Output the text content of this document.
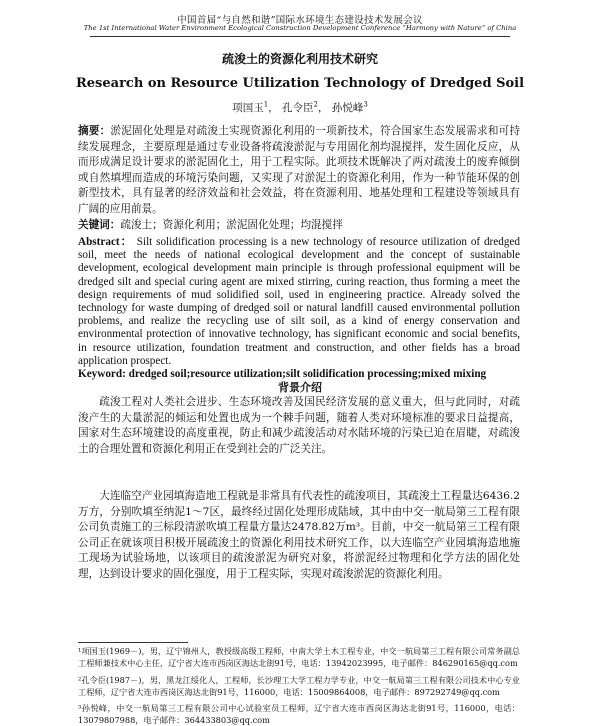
中国首届“与自然和谐”国际水环境生态建设技术发展会议
The 1st International Water Environment Ecological Construction Development Conference “Harmony with Nature” of China
疏浚土的资源化利用技术研究
Research on Resource Utilization Technology of Dredged Soil
项国玉$^1$， 孔令臣$^2$， 孙悦峰$^3$
摘要：淤泥固化处理是对疏浚土实现资源化利用的一项新技术，符合国家生态发展需求和可持续发展理念，主要原理是通过专业设备将疏浚淤泥与专用固化剂均混搅拌，发生固化反应，从而形成满足设计要求的淤泥固化土，用于工程实际。此项技术既解决了两对疏浚土的废弃倾倒或自然填埋而造成的环境污染问题，又实现了对淤泥土的资源化利用，作为一种节能环保的创新型技术，具有显著的经济效益和社会效益，将在资源利用、地基处理和工程建设等领域具有广阔的应用前景。

关键词：疏浚土；资源化利用；淤泥固化处理；均混搅拌

Abstract： Silt solidification processing is a new technology of resource utilization of dredged soil, meet the needs of national ecological development and the concept of sustainable development, ecological development main principle is through professional equipment will be dredged silt and special curing agent are mixed stirring, curing reaction, thus forming a meet the design requirements of mud solidified soil, used in engineering practice. Already solved the technology for waste dumping of dredged soil or natural landfill caused environmental pollution problems, and realize the recycling use of silt soil, as a kind of energy conservation and environmental protection of innovative technology, has significant economic and social benefits, in resource utilization, foundation treatment and construction, and other fields has a broad application prospect.

Keyword: dredged soil;resource utilization;silt solidification processing;mixed mixing

背景介绍

疏浚工程对人类社会进步、生态环境改善及国民经济发展的意义重大，但与此同时，对疏浚产生的大量淤泥的倾运和处置也成为一个棘手问题，随着人类对环境标准的要求日益提高，国家对生态环境建设的高度重视，防止和减少疏浚活动对水陆环境的污染已迫在眉睫，对疏浚土的合理处置和资源化利用正在受到社会的广泛关注。

大连临空产业园填海造地工程就是非常具有代表性的疏浚项目，其疏浚土工程量达6436.2万方，分别吹填至纳泥1～7区，最终经过固化处理形成陆域，其中由中交一航局第三工程有限公司负责施工的三标段清淤吹填工程量方量达2478.82万m³。目前，中交一航局第三工程有限公司正在就该项目积极开展疏浚土的资源化利用技术研究工作，以大连临空产业园填海造地施工现场为试验场地，以该项目的疏浚淤泥为研究对象，将淤泥经过物理和化学方法的固化处理，达到设计要求的固化强度，用于工程实际，实现对疏浚淤泥的资源化利用。

¹项国玉(1969－)，男，辽宁锦州人，教授级高级工程师，中南大学土木工程专业，中交一航局第三工程有限公司常务副总工程师兼技术中心主任，辽宁省大连市西岗区海达北街91号，电话：13942023995，电子邮件：846290165@qq.com
²孔令臣(1987－)，男，黑龙江绥化人，工程师，长沙理工大学工程力学专业，中交一航局第三工程有限公司技术中心专业工程师，辽宁省大连市西岗区海达北街91号，116000，电话：15009864008，电子邮件：897292749@qq.com
³孙悦峰，中交一航局第三工程有限公司中心试验室员工程师，辽宁省大连市西岗区海达北街91号，116000，电话：13079807988，电子邮件：364433803@qq.com
